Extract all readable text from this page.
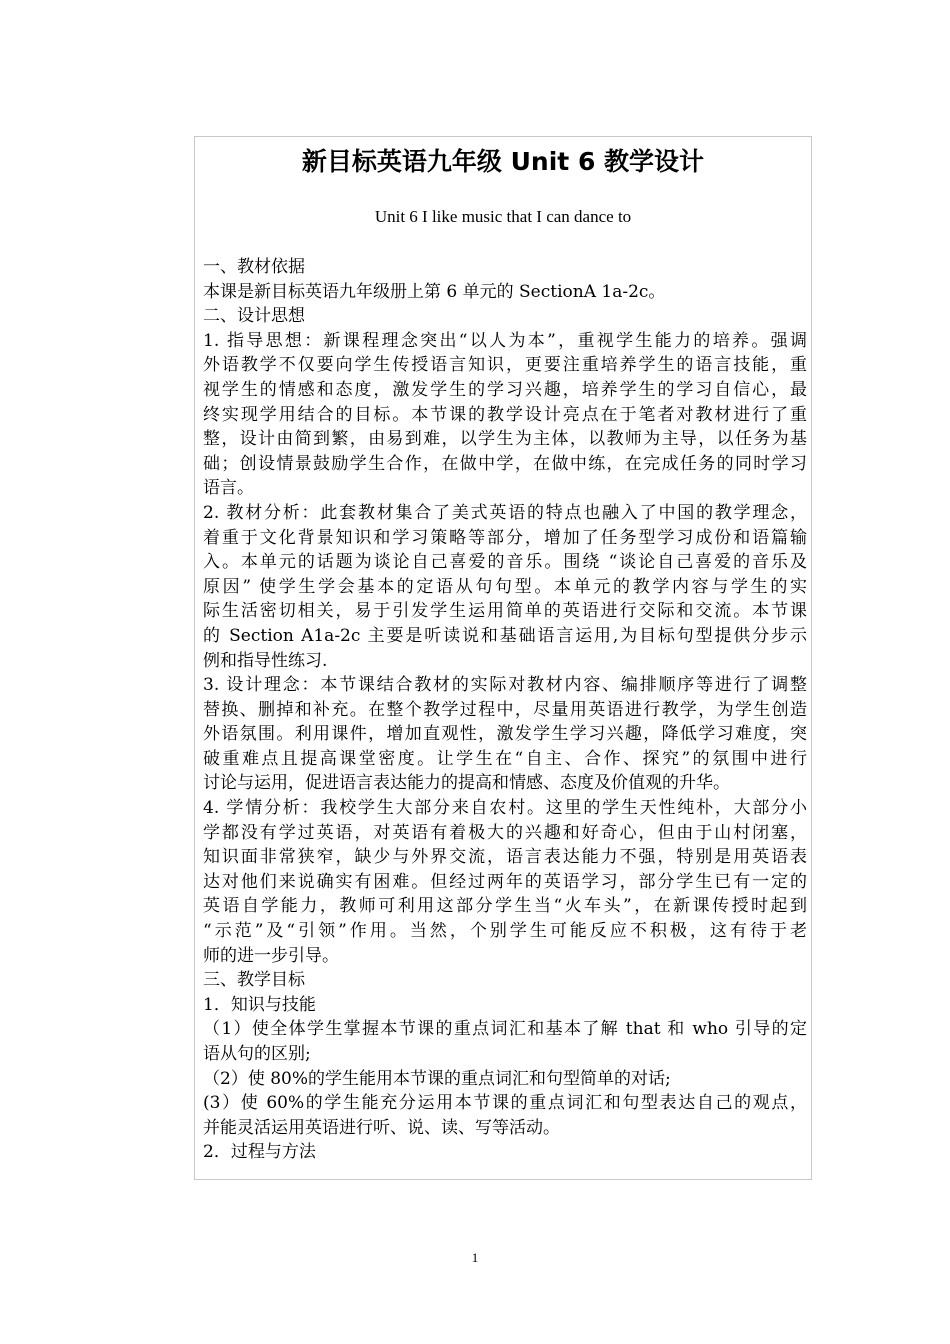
新目标英语九年级 Unit 6 教学设计

Unit 6 I like music that I can dance to

一、教材依据
本课是新目标英语九年级册上第 6 单元的 SectionA 1a-2c。
二、设计思想
1. 指导思想：新课程理念突出“以人为本”，重视学生能力的培养。强调
外语教学不仅要向学生传授语言知识，更要注重培养学生的语言技能，重
视学生的情感和态度，激发学生的学习兴趣，培养学生的学习自信心，最
终实现学用结合的目标。本节课的教学设计亮点在于笔者对教材进行了重
整，设计由简到繁，由易到难，以学生为主体，以教师为主导，以任务为基
础；创设情景鼓励学生合作，在做中学，在做中练，在完成任务的同时学习
语言。
2. 教材分析：此套教材集合了美式英语的特点也融入了中国的教学理念，
着重于文化背景知识和学习策略等部分，增加了任务型学习成份和语篇输
入。本单元的话题为谈论自己喜爱的音乐。围绕 “谈论自己喜爱的音乐及
原因” 使学生学会基本的定语从句句型。本单元的教学内容与学生的实
际生活密切相关，易于引发学生运用简单的英语进行交际和交流。本节课
的 Section A1a-2c 主要是听读说和基础语言运用,为目标句型提供分步示
例和指导性练习.
3. 设计理念：本节课结合教材的实际对教材内容、编排顺序等进行了调整
替换、删掉和补充。在整个教学过程中，尽量用英语进行教学，为学生创造
外语氛围。利用课件，增加直观性，激发学生学习兴趣，降低学习难度，突
破重难点且提高课堂密度。让学生在“自主、合作、探究”的氛围中进行
讨论与运用，促进语言表达能力的提高和情感、态度及价值观的升华。
4. 学情分析：我校学生大部分来自农村。这里的学生天性纯朴，大部分小
学都没有学过英语，对英语有着极大的兴趣和好奇心，但由于山村闭塞，
知识面非常狭窄，缺少与外界交流，语言表达能力不强，特别是用英语表
达对他们来说确实有困难。但经过两年的英语学习，部分学生已有一定的
英语自学能力，教师可利用这部分学生当“火车头”，在新课传授时起到
“示范”及“引领”作用。当然，个别学生可能反应不积极，这有待于老
师的进一步引导。
三、教学目标
1．知识与技能
（1）使全体学生掌握本节课的重点词汇和基本了解 that 和 who 引导的定
语从句的区别;
（2）使 80%的学生能用本节课的重点词汇和句型简单的对话;
(3）使 60%的学生能充分运用本节课的重点词汇和句型表达自己的观点，
并能灵活运用英语进行听、说、读、写等活动。
2．过程与方法
1
